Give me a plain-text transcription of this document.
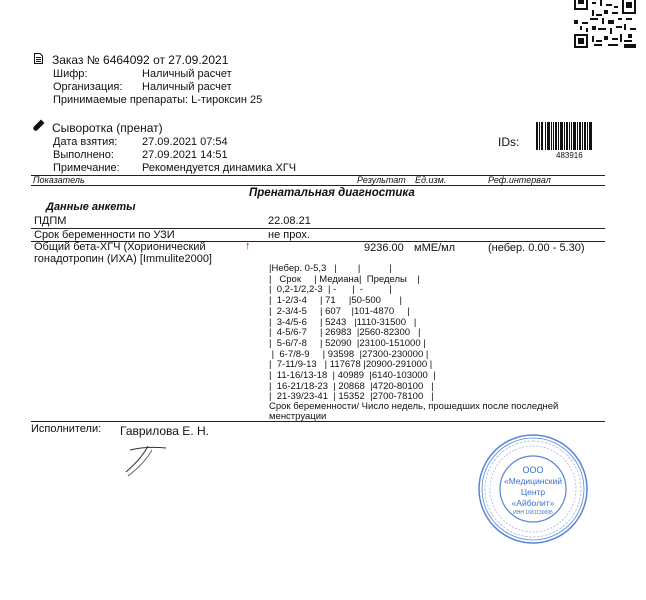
Заказ № 6464092 от 27.09.2021
Шифр:	Наличный расчет
Организация: Наличный расчет
Принимаемые препараты: L-тироксин 25
Сыворотка (пренат)
Дата взятия: 27.09.2021 07:54
Выполнено:	27.09.2021 14:51
Примечание: Рекомендуется динамика ХГЧ
IDs:
483916
Показатель	Результат Ед.изм.	Реф.интервал
Пренатальная диагностика
Данные анкеты
ПДПМ	22.08.21
Срок беременности по УЗИ	не прох.
Общий бета-ХГЧ (Хорионический
гонадотропин (ИХА) [Immulite2000]
↑	9236.00 мМЕ/мл	(небер. 0.00 - 5.30)
|Небер. 0-5,3   |        |           |
|   Срок     | Медиана|  Пределы    |
|  0,2-1/2,2-3  | -      |  -          |
|  1-2/3-4     | 71     |50-500       |
|  2-3/4-5     | 607    |101-4870     |
|  3-4/5-6     | 5243   |1110-31500   |
|  4-5/6-7     | 26983  |2560-82300   |
|  5-6/7-8     | 52090  |23100-151000 |
|  6-7/8-9     | 93598  |27300-230000 |
|  7-11/9-13   | 117678 |20900-291000 |
|  11-16/13-18  | 40989  |6140-103000  |
|  16-21/18-23  | 20868  |4720-80100   |
|  21-39/23-41  | 15352  |2700-78100   |
Срок беременности/ Число недель, прошедших после последней
менструации
Исполнители: Гаврилова Е. Н.
ООО
«Медицинский
Центр
«Айболит»
ИНН 1681130095
